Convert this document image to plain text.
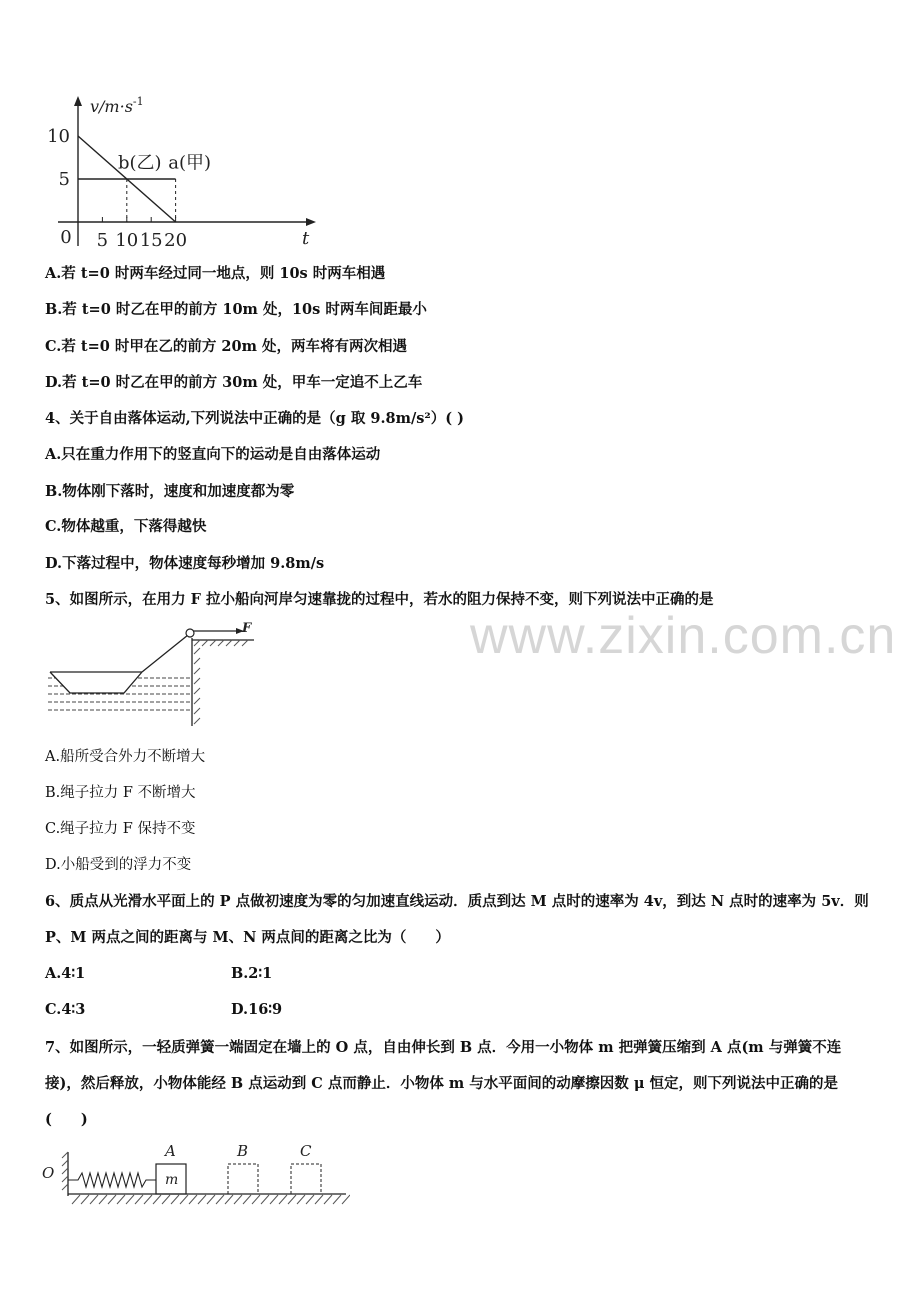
www.zixin.com.cn
5 10 15 20
0
5
10
$v/m\cdot s^{-1}$
t
a(甲)
b(乙)
A.若 t=0 时两车经过同一地点，则 10s 时两车相遇
B.若 t=0 时乙在甲的前方 10m 处，10s 时两车间距最小
C.若 t=0 时甲在乙的前方 20m 处，两车将有两次相遇
D.若 t=0 时乙在甲的前方 30m 处，甲车一定追不上乙车
4、关于自由落体运动,下列说法中正确的是（g 取 9.8m/s²）( )
A.只在重力作用下的竖直向下的运动是自由落体运动
B.物体刚下落时，速度和加速度都为零
C.物体越重，下落得越快
D.下落过程中，物体速度每秒增加 9.8m/s
5、如图所示，在用力 F 拉小船向河岸匀速靠拢的过程中，若水的阻力保持不变，则下列说法中正确的是
F
A.船所受合外力不断增大
B.绳子拉力 F 不断增大
C.绳子拉力 F 保持不变
D.小船受到的浮力不变
6、质点从光滑水平面上的 P 点做初速度为零的匀加速直线运动．质点到达 M 点时的速率为 4v，到达 N 点时的速率为 5v．则 P、M 两点之间的距离与 M、N 两点间的距离之比为（　　）
A.4∶1	B.2∶1
C.4∶3	D.16∶9
7、如图所示，一轻质弹簧一端固定在墙上的 O 点，自由伸长到 B 点．今用一小物体 m 把弹簧压缩到 A 点(m 与弹簧不连接)，然后释放，小物体能经 B 点运动到 C 点而静止．小物体 m 与水平面间的动摩擦因数 μ 恒定，则下列说法中正确的是(　　)
O	m
A	B	C
